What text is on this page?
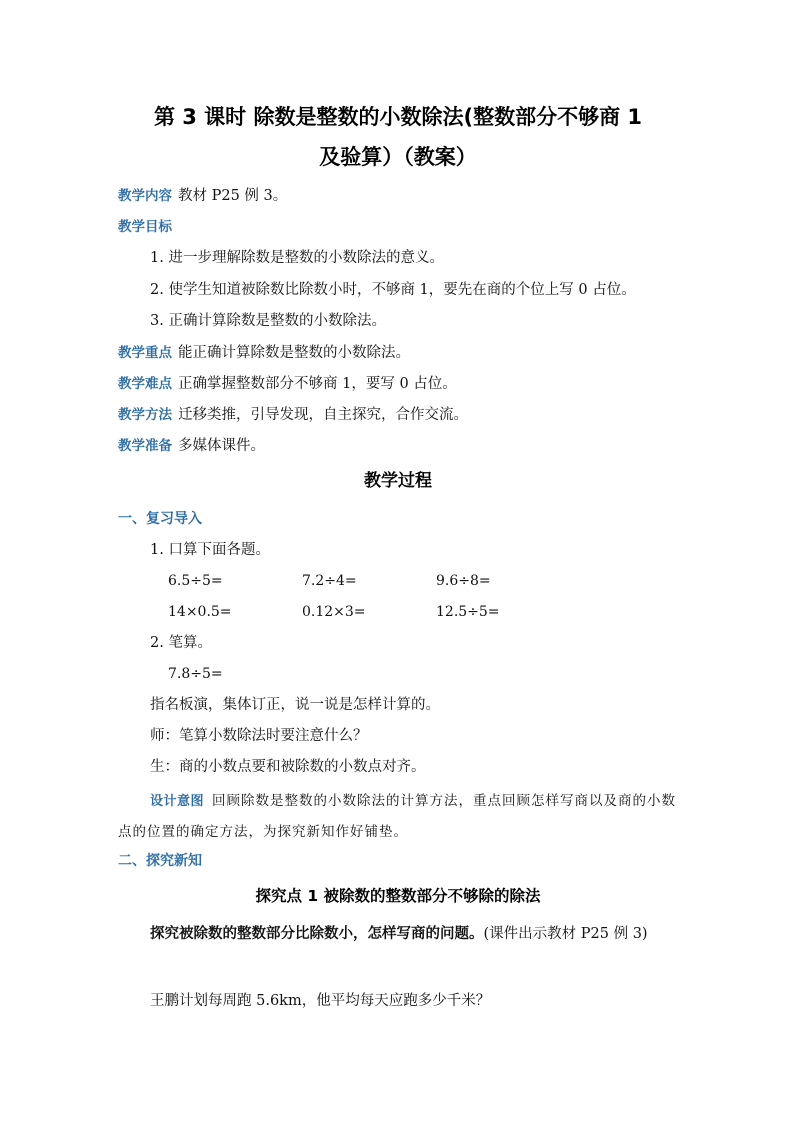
第 3 课时 除数是整数的小数除法(整数部分不够商 1
及验算）（教案）
教学内容 教材 P25 例 3。
教学目标
1. 进一步理解除数是整数的小数除法的意义。
2. 使学生知道被除数比除数小时，不够商 1，要先在商的个位上写 0 占位。
3. 正确计算除数是整数的小数除法。
教学重点 能正确计算除数是整数的小数除法。
教学难点 正确掌握整数部分不够商 1，要写 0 占位。
教学方法 迁移类推，引导发现，自主探究，合作交流。
教学准备 多媒体课件。
教学过程
一、复习导入
1. 口算下面各题。
6.5÷5=	7.2÷4=	9.6÷8=
14×0.5=	0.12×3=	12.5÷5=
2. 笔算。
7.8÷5=
指名板演，集体订正，说一说是怎样计算的。
师：笔算小数除法时要注意什么？
生：商的小数点要和被除数的小数点对齐。
设计意图 回顾除数是整数的小数除法的计算方法，重点回顾怎样写商以及商的小数点的位置的确定方法，为探究新知作好铺垫。
二、探究新知
探究点 1 被除数的整数部分不够除的除法
探究被除数的整数部分比除数小，怎样写商的问题。(课件出示教材 P25 例 3)
王鹏计划每周跑 5.6km，他平均每天应跑多少千米？
